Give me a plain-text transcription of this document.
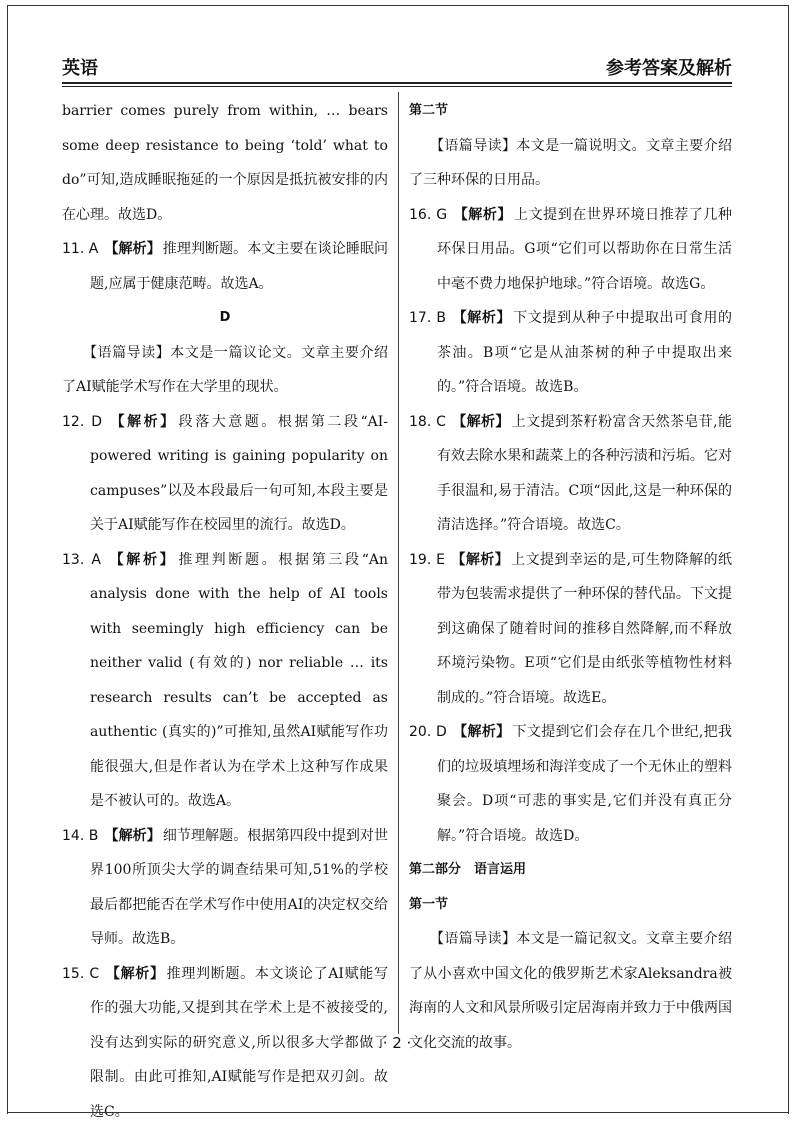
英语	参考答案及解析

barrier comes purely from within, … bears some deep resistance to being ‘told’ what to do”可知,造成睡眠拖延的一个原因是抵抗被安排的内在心理。故选D。

11. A 【解析】 推理判断题。本文主要在谈论睡眠问题,应属于健康范畴。故选A。

D

【语篇导读】本文是一篇议论文。文章主要介绍了AI赋能学术写作在大学里的现状。

12. D 【解析】 段落大意题。根据第二段“AI-powered writing is gaining popularity on campuses”以及本段最后一句可知,本段主要是关于AI赋能写作在校园里的流行。故选D。

13. A 【解析】 推理判断题。根据第三段“An analysis done with the help of AI tools with seemingly high efficiency can be neither valid (有效的) nor reliable … its research results can’t be accepted as authentic (真实的)”可推知,虽然AI赋能写作功能很强大,但是作者认为在学术上这种写作成果是不被认可的。故选A。

14. B 【解析】 细节理解题。根据第四段中提到对世界100所顶尖大学的调查结果可知,51%的学校最后都把能否在学术写作中使用AI的决定权交给导师。故选B。

15. C 【解析】 推理判断题。本文谈论了AI赋能写作的强大功能,又提到其在学术上是不被接受的,没有达到实际的研究意义,所以很多大学都做了限制。由此可推知,AI赋能写作是把双刃剑。故选C。

第二节

【语篇导读】本文是一篇说明文。文章主要介绍了三种环保的日用品。

16. G 【解析】 上文提到在世界环境日推荐了几种环保日用品。G项“它们可以帮助你在日常生活中毫不费力地保护地球。”符合语境。故选G。

17. B 【解析】 下文提到从种子中提取出可食用的茶油。B项“它是从油茶树的种子中提取出来的。”符合语境。故选B。

18. C 【解析】 上文提到茶籽粉富含天然茶皂苷,能有效去除水果和蔬菜上的各种污渍和污垢。它对手很温和,易于清洁。C项“因此,这是一种环保的清洁选择。”符合语境。故选C。

19. E 【解析】 上文提到幸运的是,可生物降解的纸带为包装需求提供了一种环保的替代品。下文提到这确保了随着时间的推移自然降解,而不释放环境污染物。E项“它们是由纸张等植物性材料制成的。”符合语境。故选E。

20. D 【解析】 下文提到它们会存在几个世纪,把我们的垃圾填埋场和海洋变成了一个无休止的塑料聚会。D项“可悲的事实是,它们并没有真正分解。”符合语境。故选D。

第二部分　语言运用

第一节

【语篇导读】本文是一篇记叙文。文章主要介绍了从小喜欢中国文化的俄罗斯艺术家Aleksandra被海南的人文和风景所吸引定居海南并致力于中俄两国文化交流的故事。

· 2 ·
